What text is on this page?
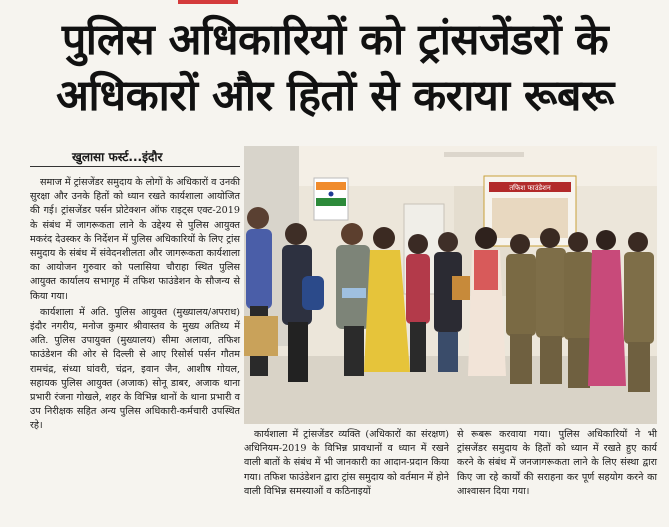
पुलिस अधिकारियों को ट्रांसजेंडरों के
अधिकारों और हितों से कराया रूबरू
खुलासा फर्स्ट...इंदौर

समाज में ट्रांसजेंडर समुदाय के लोगों के अधिकारों व उनकी सुरक्षा और उनके हितों को ध्यान रखते कार्यशाला आयोजित की गई। ट्रांसजेंडर पर्सन प्रोटेक्शन ऑफ राइट्स एक्ट-2019 के संबंध में जागरूकता लाने के उद्देश्य से पुलिस आयुक्त मकरंद देउस्कर के निर्देशन में पुलिस अधिकारियों के लिए ट्रांस समुदाय के संबंध में संवेदनशीलता और जागरूकता कार्यशाला का आयोजन गुरुवार को पलासिया चौराहा स्थित पुलिस आयुक्त कार्यालय सभागृह में तफिश फाउंडेशन के सौजन्य से किया गया।

कार्यशाला में अति. पुलिस आयुक्त (मुख्यालय/अपराध) इंदौर नगरीय, मनोज कुमार श्रीवास्तव के मुख्य अतिथ्य में अति. पुलिस उपायुक्त (मुख्यालय) सीमा अलावा, तफिश फाउंडेशन की ओर से दिल्ली से आए रिसोर्स पर्सन गौतम रामचंद्र, संध्या घांवरी, चंद्रन, इवान जैन, आशीष गोयल, सहायक पुलिस आयुक्त (अजाक) सोनू डाबर, अजाक थाना प्रभारी रंजना गोखले, शहर के विभिन्न थानों के थाना प्रभारी व उप निरीक्षक सहित अन्य पुलिस अधिकारी-कर्मचारी उपस्थित रहे।

तफिश फाउंडेशन

कार्यशाला में ट्रांसजेंडर व्यक्ति (अधिकारों का संरक्षण) अधिनियम-2019 के विभिन्न प्रावधानों व ध्यान में रखने वाली बातों के संबंध में भी जानकारी का आदान-प्रदान किया गया। तफिश फाउंडेशन द्वारा ट्रांस समुदाय को वर्तमान में होने वाली विभिन्न समस्याओं व कठिनाइयों

से रूबरू करवाया गया। पुलिस अधिकारियों ने भी ट्रांसजेंडर समुदाय के हितों को ध्यान में रखते हुए कार्य करने के संबंध में जनजागरूकता लाने के लिए संस्था द्वारा किए जा रहे कार्यों की सराहना कर पूर्ण सहयोग करने का आश्वासन दिया गया।
